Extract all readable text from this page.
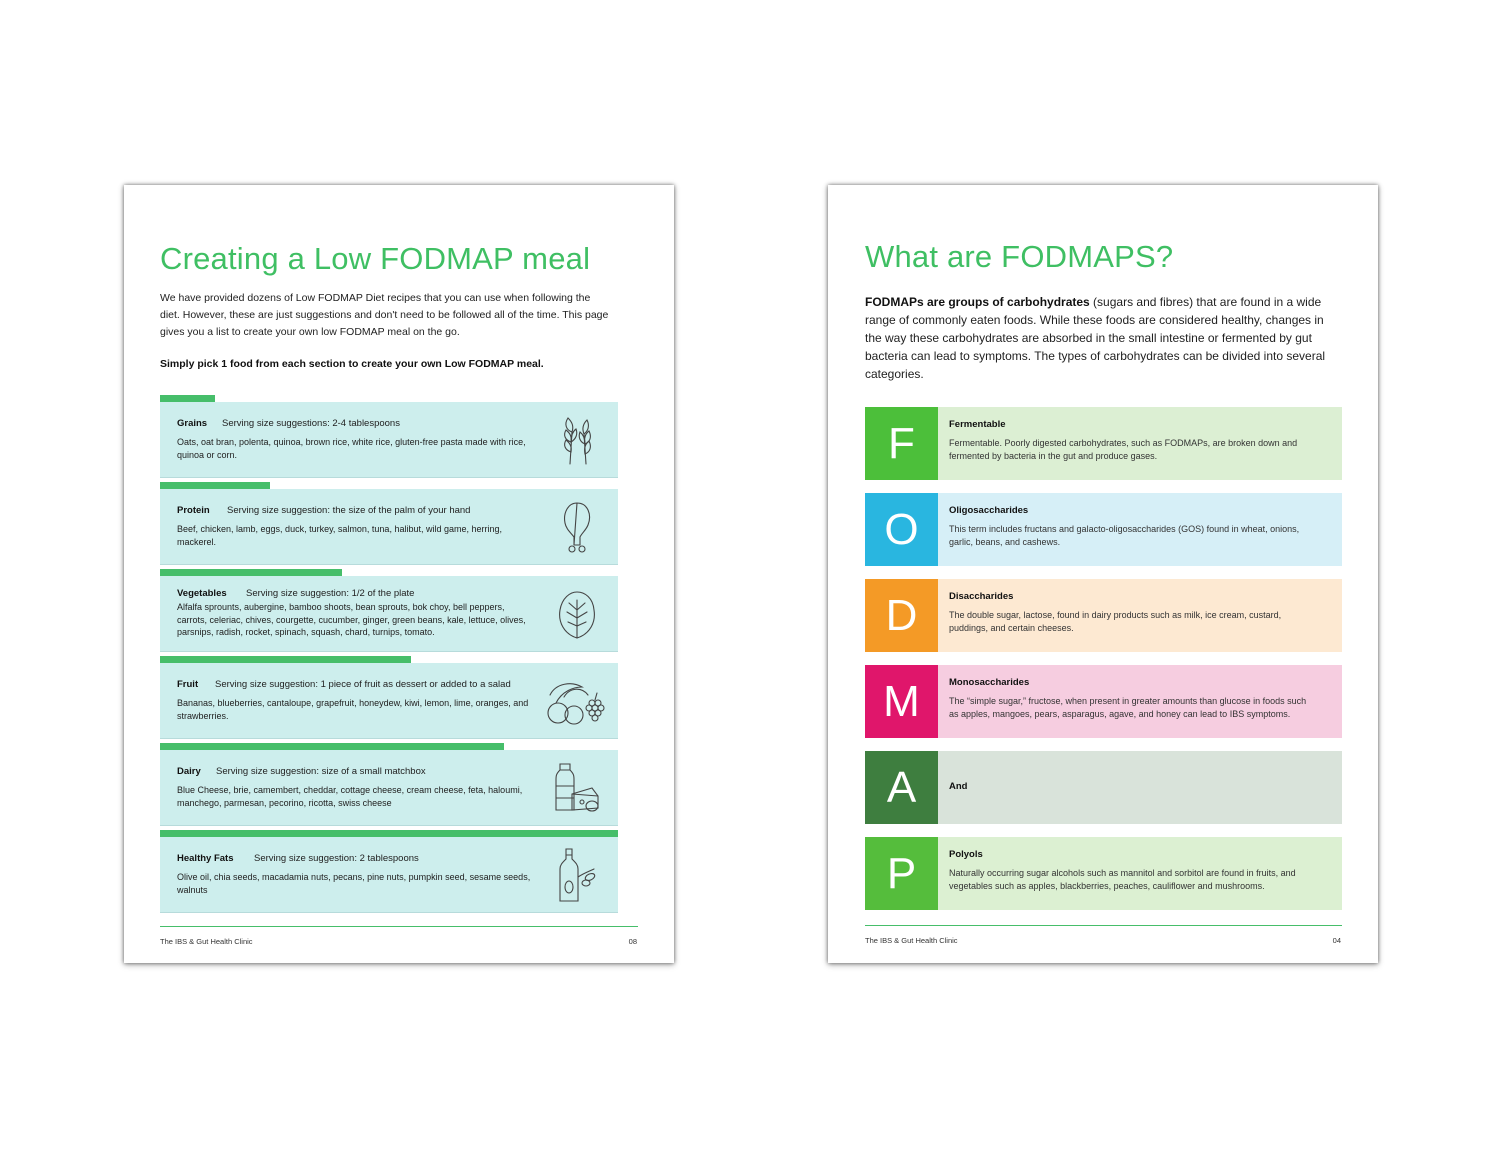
Creating a Low FODMAP meal
We have provided dozens of Low FODMAP Diet recipes that you can use when following the diet. However, these are just suggestions and don't need to be followed all of the time. This page gives you a list to create your own low FODMAP meal on the go.
Simply pick 1 food from each section to create your own Low FODMAP meal.
Grains Serving size suggestions: 2-4 tablespoons
Oats, oat bran, polenta, quinoa, brown rice, white rice, gluten-free pasta made with rice, quinoa or corn.
Protein Serving size suggestion: the size of the palm of your hand
Beef, chicken, lamb, eggs, duck, turkey, salmon, tuna, halibut, wild game, herring, mackerel.
Vegetables Serving size suggestion: 1/2 of the plate
Alfalfa sprounts, aubergine, bamboo shoots, bean sprouts, bok choy, bell peppers, carrots, celeriac, chives, courgette, cucumber, ginger, green beans, kale, lettuce, olives, parsnips, radish, rocket, spinach, squash, chard, turnips, tomato.
Fruit Serving size suggestion: 1 piece of fruit as dessert or added to a salad
Bananas, blueberries, cantaloupe, grapefruit, honeydew, kiwi, lemon, lime, oranges, and strawberries.
Dairy Serving size suggestion: size of a small matchbox
Blue Cheese, brie, camembert, cheddar, cottage cheese, cream cheese, feta, haloumi, manchego, parmesan, pecorino, ricotta, swiss cheese
Healthy Fats Serving size suggestion: 2 tablespoons
Olive oil, chia seeds, macadamia nuts, pecans, pine nuts, pumpkin seed, sesame seeds, walnuts
The IBS & Gut Health Clinic	08
What are FODMAPS?
FODMAPs are groups of carbohydrates (sugars and fibres) that are found in a wide range of commonly eaten foods. While these foods are considered healthy, changes in the way these carbohydrates are absorbed in the small intestine or fermented by gut bacteria can lead to symptoms. The types of carbohydrates can be divided into several categories.
F	Fermentable
Fermentable. Poorly digested carbohydrates, such as FODMAPs, are broken down and fermented by bacteria in the gut and produce gases.
O	Oligosaccharides
This term includes fructans and galacto-oligosaccharides (GOS) found in wheat, onions, garlic, beans, and cashews.
D	Disaccharides
The double sugar, lactose, found in dairy products such as milk, ice cream, custard, puddings, and certain cheeses.
M	Monosaccharides
The “simple sugar,” fructose, when present in greater amounts than glucose in foods such as apples, mangoes, pears, asparagus, agave, and honey can lead to IBS symptoms.
A	And
P	Polyols
Naturally occurring sugar alcohols such as mannitol and sorbitol are found in fruits, and vegetables such as apples, blackberries, peaches, cauliflower and mushrooms.
The IBS & Gut Health Clinic	04
